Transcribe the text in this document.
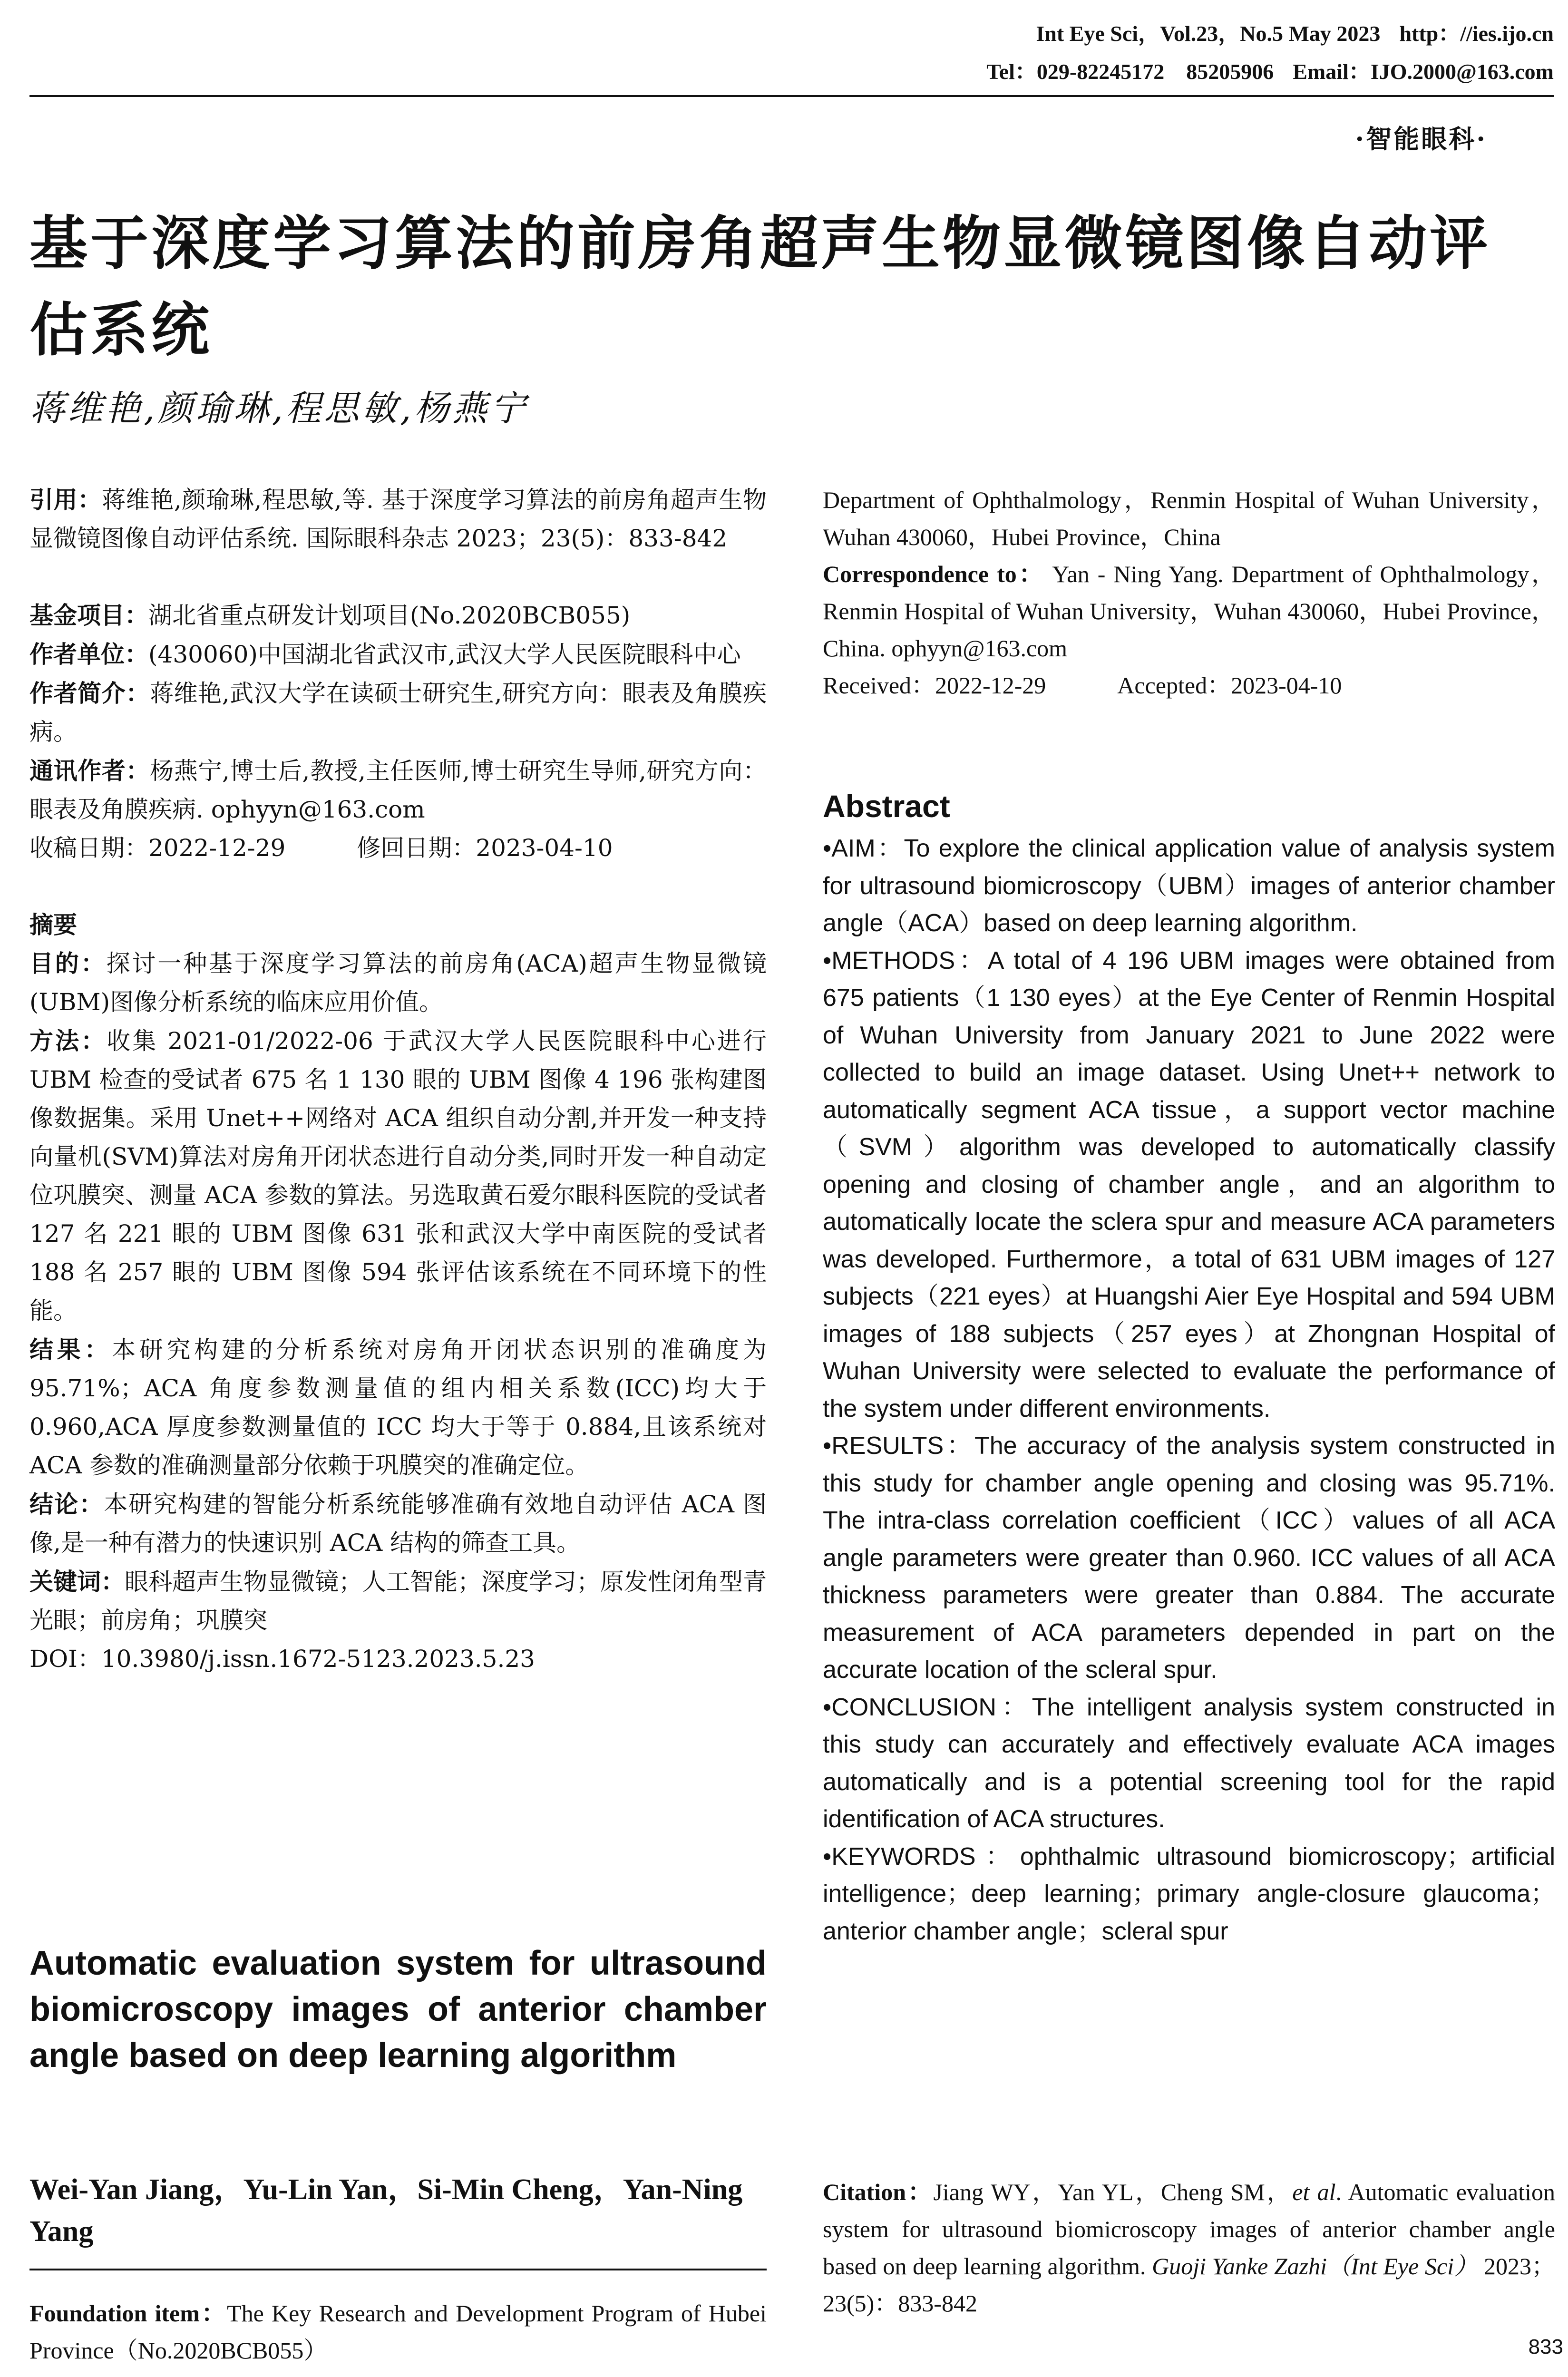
Int Eye Sci，Vol.23，No.5 May 2023 http：//ies.ijo.cn
Tel：029-82245172　85205906 Email：IJO.2000@163.com
·智能眼科·
基于深度学习算法的前房角超声生物显微镜图像自动评估系统
蒋维艳,颜瑜琳,程思敏,杨燕宁

引用：蒋维艳,颜瑜琳,程思敏,等. 基于深度学习算法的前房角超声生物显微镜图像自动评估系统. 国际眼科杂志 2023；23(5)：833-842

基金项目：湖北省重点研发计划项目(No.2020BCB055)

作者单位：(430060)中国湖北省武汉市,武汉大学人民医院眼科中心

作者简介：蒋维艳,武汉大学在读硕士研究生,研究方向：眼表及角膜疾病。

通讯作者：杨燕宁,博士后,教授,主任医师,博士研究生导师,研究方向：眼表及角膜疾病. ophyyn@163.com

收稿日期：2022-12-29　　　修回日期：2023-04-10

摘要

目的：探讨一种基于深度学习算法的前房角(ACA)超声生物显微镜(UBM)图像分析系统的临床应用价值。

方法：收集 2021-01/2022-06 于武汉大学人民医院眼科中心进行 UBM 检查的受试者 675 名 1 130 眼的 UBM 图像 4 196 张构建图像数据集。采用 Unet++网络对 ACA 组织自动分割,并开发一种支持向量机(SVM)算法对房角开闭状态进行自动分类,同时开发一种自动定位巩膜突、测量 ACA 参数的算法。另选取黄石爱尔眼科医院的受试者 127 名 221 眼的 UBM 图像 631 张和武汉大学中南医院的受试者 188 名 257 眼的 UBM 图像 594 张评估该系统在不同环境下的性能。

结果：本研究构建的分析系统对房角开闭状态识别的准确度为 95.71%；ACA 角度参数测量值的组内相关系数(ICC)均大于 0.960,ACA 厚度参数测量值的 ICC 均大于等于 0.884,且该系统对 ACA 参数的准确测量部分依赖于巩膜突的准确定位。

结论：本研究构建的智能分析系统能够准确有效地自动评估 ACA 图像,是一种有潜力的快速识别 ACA 结构的筛查工具。

关键词：眼科超声生物显微镜；人工智能；深度学习；原发性闭角型青光眼；前房角；巩膜突

DOI：10.3980/j.issn.1672-5123.2023.5.23

Automatic evaluation system for ultrasound biomicroscopy images of anterior chamber angle based on deep learning algorithm
Wei-Yan Jiang，Yu-Lin Yan，Si-Min Cheng，Yan-Ning Yang

Foundation item：The Key Research and Development Program of Hubei Province（No.2020BCB055）

Department of Ophthalmology，Renmin Hospital of Wuhan University，Wuhan 430060，Hubei Province，China

Correspondence to： Yan - Ning Yang. Department of Ophthalmology，Renmin Hospital of Wuhan University，Wuhan 430060，Hubei Province，China. ophyyn@163.com

Received：2022-12-29　　　Accepted：2023-04-10

Abstract

•AIM：To explore the clinical application value of analysis system for ultrasound biomicroscopy（UBM）images of anterior chamber angle（ACA）based on deep learning algorithm.

•METHODS：A total of 4 196 UBM images were obtained from 675 patients（1 130 eyes）at the Eye Center of Renmin Hospital of Wuhan University from January 2021 to June 2022 were collected to build an image dataset. Using Unet++ network to automatically segment ACA tissue，a support vector machine（SVM）algorithm was developed to automatically classify opening and closing of chamber angle，and an algorithm to automatically locate the sclera spur and measure ACA parameters was developed. Furthermore，a total of 631 UBM images of 127 subjects（221 eyes）at Huangshi Aier Eye Hospital and 594 UBM images of 188 subjects（257 eyes）at Zhongnan Hospital of Wuhan University were selected to evaluate the performance of the system under different environments.

•RESULTS：The accuracy of the analysis system constructed in this study for chamber angle opening and closing was 95.71%. The intra-class correlation coefficient（ICC）values of all ACA angle parameters were greater than 0.960. ICC values of all ACA thickness parameters were greater than 0.884. The accurate measurement of ACA parameters depended in part on the accurate location of the scleral spur.

•CONCLUSION：The intelligent analysis system constructed in this study can accurately and effectively evaluate ACA images automatically and is a potential screening tool for the rapid identification of ACA structures.

•KEYWORDS：ophthalmic ultrasound biomicroscopy；artificial intelligence；deep learning；primary angle-closure glaucoma；anterior chamber angle；scleral spur

Citation：Jiang WY，Yan YL，Cheng SM，et al. Automatic evaluation system for ultrasound biomicroscopy images of anterior chamber angle based on deep learning algorithm. Guoji Yanke Zazhi（Int Eye Sci） 2023；23(5)：833-842

833
